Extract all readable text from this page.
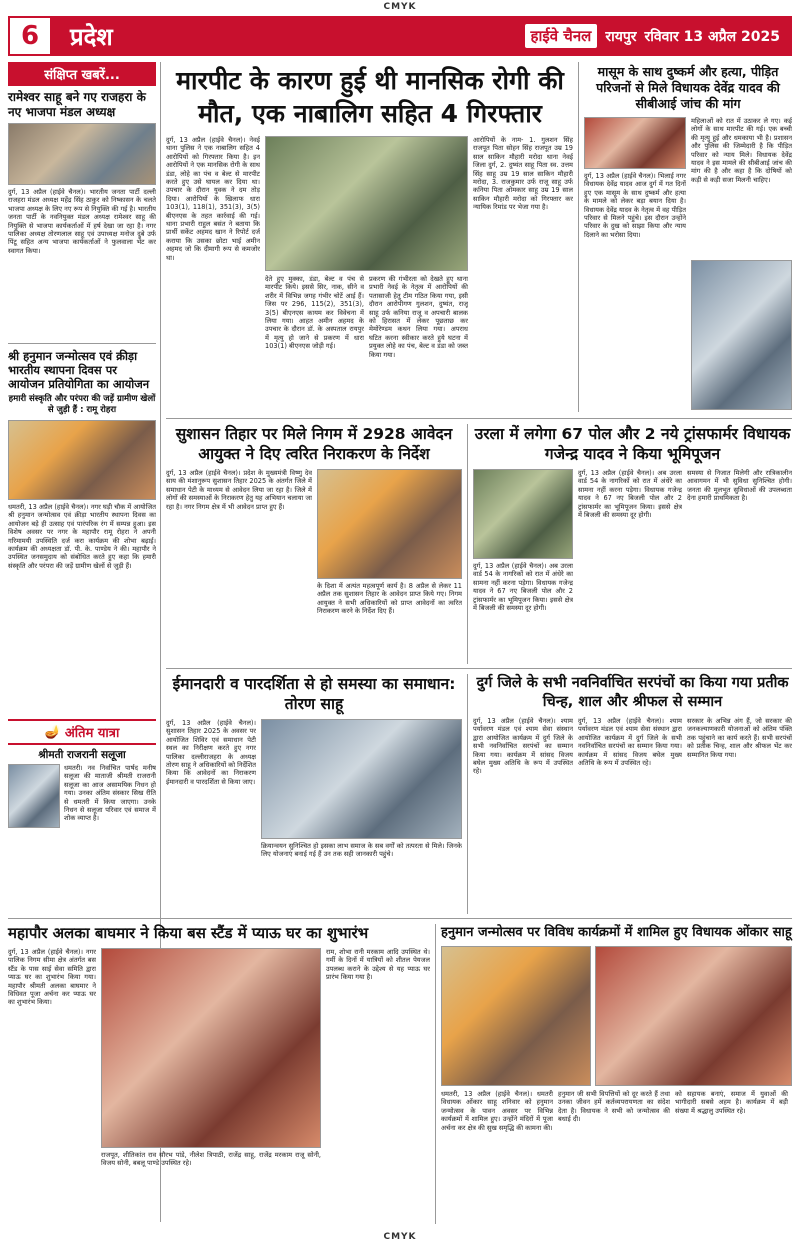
CMYK
6	प्रदेश	हाईवे चैनल	रायपुर रविवार 13 अप्रैल 2025
संक्षिप्त खबरें...
रामेश्वर साहू बने गए राजहरा के नए भाजपा मंडल अध्यक्ष
दुर्ग, 13 अप्रैल (हाईवे चैनल)। भारतीय जनता पार्टी दल्ली राजहरा मंडल अध्यक्ष महेंद्र सिंह ठाकुर को निष्कासन के चलते भाजपा अध्यक्ष के लिए नए रूप से नियुक्ति की गई है। भारतीय जनता पार्टी के नवनियुक्त मंडल अध्यक्ष रामेश्वर साहू की नियुक्ति से भाजपा कार्यकर्ताओं में हर्ष देखा जा रहा है। नगर पालिका अध्यक्ष तोरणलाल साहू एवं उपाध्यक्ष मनोज दुबे उर्फ पिंटू सहित अन्य भाजपा कार्यकर्ताओं ने फुलवाला भेंट कर स्वागत किया।
श्री हनुमान जन्मोत्सव एवं क्रीड़ा भारतीय स्थापना दिवस पर आयोजन प्रतियोगिता का आयोजन
हमारी संस्कृति और परंपरा की जड़ें ग्रामीण खेलों से जुड़ी हैं : रामू रोहरा
धमतरी, 13 अप्रैल (हाईवे चैनल)। नगर घड़ी चौक में आयोजित श्री हनुमान जन्मोत्सव एवं क्रीड़ा भारतीय स्थापना दिवस का आयोजन बड़े ही उत्साह एवं पारंपरिक रंग में सम्पन्न हुआ। इस विशेष अवसर पर नगर के महापौर रामू रोहरा ने अपनी गरिमामयी उपस्थिति दर्ज करा कार्यक्रम की शोभा बढ़ाई। कार्यक्रम की अध्यक्षता डॉ. पी. के. पाण्डेय ने की। महापौर ने उपस्थित जनसमुदाय को संबोधित करते हुए कहा कि हमारी संस्कृति और परंपरा की जड़ें ग्रामीण खेलों से जुड़ी हैं।
🪔 अंतिम यात्रा
श्रीमती राजरानी सलूजा
धमतरी। नव निर्वाचित पार्षद मनीष सलूजा की माताजी श्रीमती राजरानी सलूजा का आज असामयिक निधन हो गया। उनका अंतिम संस्कार सिख रीति से धमतरी में किया जाएगा। उनके निधन से सलूजा परिवार एवं समाज में शोक व्याप्त है।
मारपीट के कारण हुई थी मानसिक रोगी की मौत, एक नाबालिग सहित 4 गिरफ्तार
दुर्ग, 13 अप्रैल (हाईवे चैनल)। नेवई थाना पुलिस ने एक नाबालिग सहित 4 आरोपियों को गिरफ्तार किया है। इन आरोपियों ने एक मानसिक रोगी के साथ डंडा, लोहे का पंच व बेल्ट से मारपीट करते हुए उसे घायल कर दिया था। उपचार के दौरान युवक ने दम तोड़ दिया। आरोपियों के खिलाफ धारा 103(1), 118(1), 351(3), 3(5) बीएनएस के तहत कार्रवाई की गई। थाना प्रभारी राहुल बसंत ने बताया कि प्रार्थी सकेंट अहमद खान ने रिपोर्ट दर्ज कराया कि उसका छोटा भाई अमीन अहमद जो कि दीमागी रूप से कमजोर था।
देते हुए मुक्का, डंडा, बेल्ट व पंच से मारपीट किये। इससे सिर, नाक, सीने व शरीर में विभिन्न जगह गंभीर चोटें आई हैं। जिस पर 296, 115(2), 351(3), 3(5) बीएनएस कायम कर विवेचना में लिया गया। आहत अमीन अहमद के उपचार के दौरान डॉ. के अस्पताल रायपुर में मृत्यु हो जाने से प्रकरण में धारा 103(1) बीएनएस जोड़ी गई।
प्रकरण की गंभीरता को देखते हुए थाना प्रभारी नेवई के नेतृत्व में आरोपियों की पतासाजी हेतु टीम गठित किया गया, इसी दौरान आरोपीगण गुलशन, दुष्यंत, राजू साहू उर्फ कनिया राजू व अपचारी बालक को हिरासत में लेकर पूछताछ कर मेमोरेण्डम कथन लिया गया। अपराध घटित करना स्वीकार करते हुये घटना में प्रयुक्त लोहे का पंच, बेल्ट व डंडा को जब्त किया गया।
आरोपियों के नाम- 1. गुलशन सिंह राजपूत पिता सोहन सिंह राजपूत उम्र 19 साल साकिन मौहारी मरोदा थाना नेवई जिला दुर्ग, 2. दुष्यंत साहू पिता स्व. उत्तम सिंह साहू उम्र 19 साल साकिन मौहारी मरोदा, 3. राजकुमार उर्फ राजू साहू उर्फ कनिया पिता ओमकार साहू उम्र 19 साल साकिन मौहारी मरोदा को गिरफ्तार कर न्यायिक रिमांड पर भेजा गया है।
मासूम के साथ दुष्कर्म और हत्या, पीड़ित परिजनों से मिले विधायक देवेंद्र यादव की सीबीआई जांच की मांग
दुर्ग, 13 अप्रैल (हाईवे चैनल)। भिलाई नगर विधायक देवेंद्र यादव आज दुर्ग में गत दिनों हुए एक मासूम के साथ दुष्कर्म और हत्या के मामले को लेकर बड़ा बयान दिया है। विधायक देवेंद्र यादव के नेतृत्व में वह पीड़ित परिवार से मिलने पहुंचे। इस दौरान उन्होंने परिवार के दुख को साझा किया और न्याय दिलाने का भरोसा दिया।
महिलाओं को रात में उठाकर ले गए। कई लोगों के साथ मारपीट की गई। एक बच्ची की मृत्यु हुई और धमकाया भी है। प्रशासन और पुलिस की जिम्मेदारी है कि पीड़ित परिवार को न्याय मिले। विधायक देवेंद्र यादव ने इस मामले की सीबीआई जांच की मांग की है और कहा है कि दोषियों को कड़ी से कड़ी सजा मिलनी चाहिए।
सुशासन तिहार पर मिले निगम में 2928 आवेदन आयुक्त ने दिए त्वरित निराकरण के निर्देश
दुर्ग, 13 अप्रैल (हाईवे चैनल)। प्रदेश के मुख्यमंत्री विष्णु देव साय की मंशानुरूप सुशासन तिहार 2025 के अंतर्गत जिले में समाधान पेटी के माध्यम से आवेदन लिया जा रहा है। जिले में लोगों की समस्याओं के निराकरण हेतु यह अभियान चलाया जा रहा है। नगर निगम क्षेत्र में भी आवेदन प्राप्त हुए हैं।
के दिशा में अत्यंत महत्वपूर्ण कार्य है। 8 अप्रैल से लेकर 11 अप्रैल तक सुशासन तिहार के आवेदन प्राप्त किये गए। निगम आयुक्त ने सभी अधिकारियों को प्राप्त आवेदनों का त्वरित निराकरण करने के निर्देश दिए हैं।
उरला में लगेगा 67 पोल और 2 नये ट्रांसफार्मर विधायक गजेन्द्र यादव ने किया भूमिपूजन
दुर्ग, 13 अप्रैल (हाईवे चैनल)। अब उरला वार्ड 54 के नागरिकों को रात में अंधेरे का सामना नहीं करना पड़ेगा। विधायक गजेन्द्र यादव ने 67 नए बिजली पोल और 2 ट्रांसफार्मर का भूमिपूजन किया। इससे क्षेत्र में बिजली की समस्या दूर होगी।
दुर्ग, 13 अप्रैल (हाईवे चैनल)। अब उरला वार्ड 54 के नागरिकों को रात में अंधेरे का सामना नहीं करना पड़ेगा। विधायक गजेन्द्र यादव ने 67 नए बिजली पोल और 2 ट्रांसफार्मर का भूमिपूजन किया। इससे क्षेत्र में बिजली की समस्या दूर होगी।
समस्या से निजात मिलेगी और रात्रिकालीन आवागमन में भी सुविधा सुनिश्चित होगी। जनता की मूलभूत सुविधाओं की उपलब्धता देना हमारी प्राथमिकता है।
ईमानदारी व पारदर्शिता से हो समस्या का समाधान: तोरण साहू
दुर्ग, 13 अप्रैल (हाईवे चैनल)। सुशासन तिहार 2025 के अवसर पर आयोजित शिविर एवं समाधान पेटी स्थल का निरीक्षण करते हुए नगर पालिका दल्लीराजहरा के अध्यक्ष तोरण साहू ने अधिकारियों को निर्देशित किया कि आवेदनों का निराकरण ईमानदारी व पारदर्शिता से किया जाए।
क्रियान्वयन सुनिश्चित हो इसका लाभ समाज के सब वर्गों को तत्परता से मिले। जिनके लिए योजनाएं बनाई गई हैं उन तक सही जानकारी पहुंचे।
दुर्ग जिले के सभी नवनिर्वाचित सरपंचों का किया गया प्रतीक चिन्ह, शाल और श्रीफल से सम्मान
दुर्ग, 13 अप्रैल (हाईवे चैनल)। श्याम पर्यावरण मंडल एवं श्याम सेवा संस्थान द्वारा आयोजित कार्यक्रम में दुर्ग जिले के सभी नवनिर्वाचित सरपंचों का सम्मान किया गया। कार्यक्रम में सांसद विजय बघेल मुख्य अतिथि के रूप में उपस्थित रहे।
दुर्ग, 13 अप्रैल (हाईवे चैनल)। श्याम पर्यावरण मंडल एवं श्याम सेवा संस्थान द्वारा आयोजित कार्यक्रम में दुर्ग जिले के सभी नवनिर्वाचित सरपंचों का सम्मान किया गया। कार्यक्रम में सांसद विजय बघेल मुख्य अतिथि के रूप में उपस्थित रहे।
सरकार के अभिन्न अंग हैं, जो सरकार की जनकल्याणकारी योजनाओं को अंतिम पंक्ति तक पहुंचाने का कार्य करते हैं। सभी सरपंचों को प्रतीक चिन्ह, शाल और श्रीफल भेंट कर सम्मानित किया गया।
महापौर अलका बाघमार ने किया बस स्टैंड में प्याऊ घर का शुभारंभ
दुर्ग, 13 अप्रैल (हाईवे चैनल)। नगर पालिक निगम सीमा क्षेत्र अंतर्गत बस स्टैंड के पास साई सेवा समिति द्वारा प्याऊ घर का शुभारंभ किया गया। महापौर श्रीमती अलका बाघमार ने विधिवत पूजा अर्चना कर प्याऊ घर का शुभारंभ किया।
राजपूत, शीतिकांत राव सौरभ पांडे, नीलेश त्रिपाठी, राजेंद्र साहू, राजेंद्र मरकाम राजू सोनी, विजय सोनी, बबलू पाण्डे उपस्थित रहे।
राम, शोभा रानी मरकाम आदि उपस्थित थे। गर्मी के दिनों में यात्रियों को शीतल पेयजल उपलब्ध कराने के उद्देश्य से यह प्याऊ घर प्रारंभ किया गया है।
हनुमान जन्मोत्सव पर विविध कार्यक्रमों में शामिल हुए विधायक ओंकार साहू
धमतरी, 13 अप्रैल (हाईवे चैनल)। धमतरी विधायक ओंकार साहू शनिवार को हनुमान जन्मोत्सव के पावन अवसर पर विभिन्न कार्यक्रमों में शामिल हुए। उन्होंने मंदिरों में पूजा अर्चना कर क्षेत्र की सुख समृद्धि की कामना की।
हनुमान जी सभी विपत्तियों को दूर करते हैं तथा उनका जीवन हमें कर्तव्यपरायणता का संदेश देता है। विधायक ने सभी को जन्मोत्सव की बधाई दी।
को सहायक बनाएं, समाज में युवाओं की भागीदारी सबसे अहम है। कार्यक्रम में बड़ी संख्या में श्रद्धालु उपस्थित रहे।
CMYK
